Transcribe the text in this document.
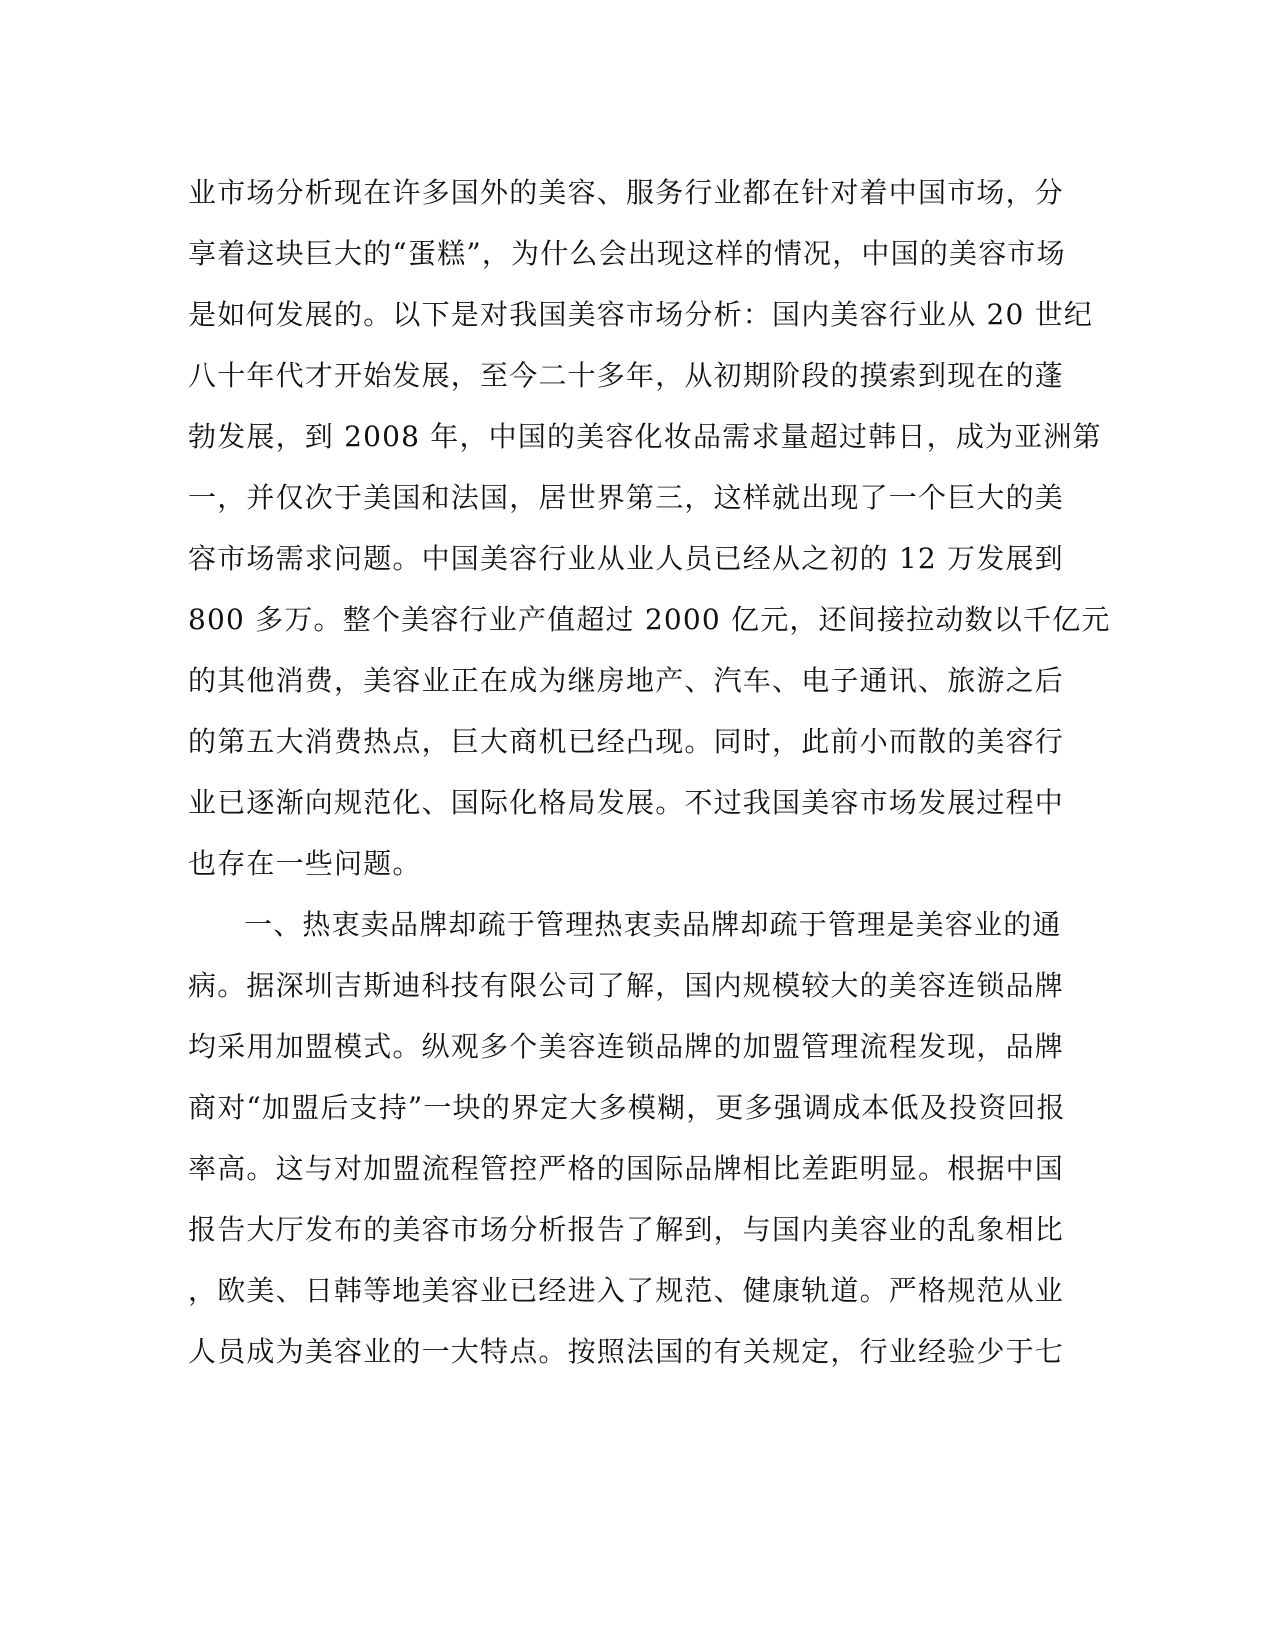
业市场分析现在许多国外的美容、服务行业都在针对着中国市场，分
享着这块巨大的“蛋糕”，为什么会出现这样的情况，中国的美容市场
是如何发展的。以下是对我国美容市场分析：国内美容行业从 20 世纪
八十年代才开始发展，至今二十多年，从初期阶段的摸索到现在的蓬
勃发展，到 2008 年，中国的美容化妆品需求量超过韩日，成为亚洲第
一，并仅次于美国和法国，居世界第三，这样就出现了一个巨大的美
容市场需求问题。中国美容行业从业人员已经从之初的 12 万发展到
800 多万。整个美容行业产值超过 2000 亿元，还间接拉动数以千亿元
的其他消费，美容业正在成为继房地产、汽车、电子通讯、旅游之后
的第五大消费热点，巨大商机已经凸现。同时，此前小而散的美容行
业已逐渐向规范化、国际化格局发展。不过我国美容市场发展过程中
也存在一些问题。
一、热衷卖品牌却疏于管理热衷卖品牌却疏于管理是美容业的通
病。据深圳吉斯迪科技有限公司了解，国内规模较大的美容连锁品牌
均采用加盟模式。纵观多个美容连锁品牌的加盟管理流程发现，品牌
商对“加盟后支持”一块的界定大多模糊，更多强调成本低及投资回报
率高。这与对加盟流程管控严格的国际品牌相比差距明显。根据中国
报告大厅发布的美容市场分析报告了解到，与国内美容业的乱象相比
，欧美、日韩等地美容业已经进入了规范、健康轨道。严格规范从业
人员成为美容业的一大特点。按照法国的有关规定，行业经验少于七
